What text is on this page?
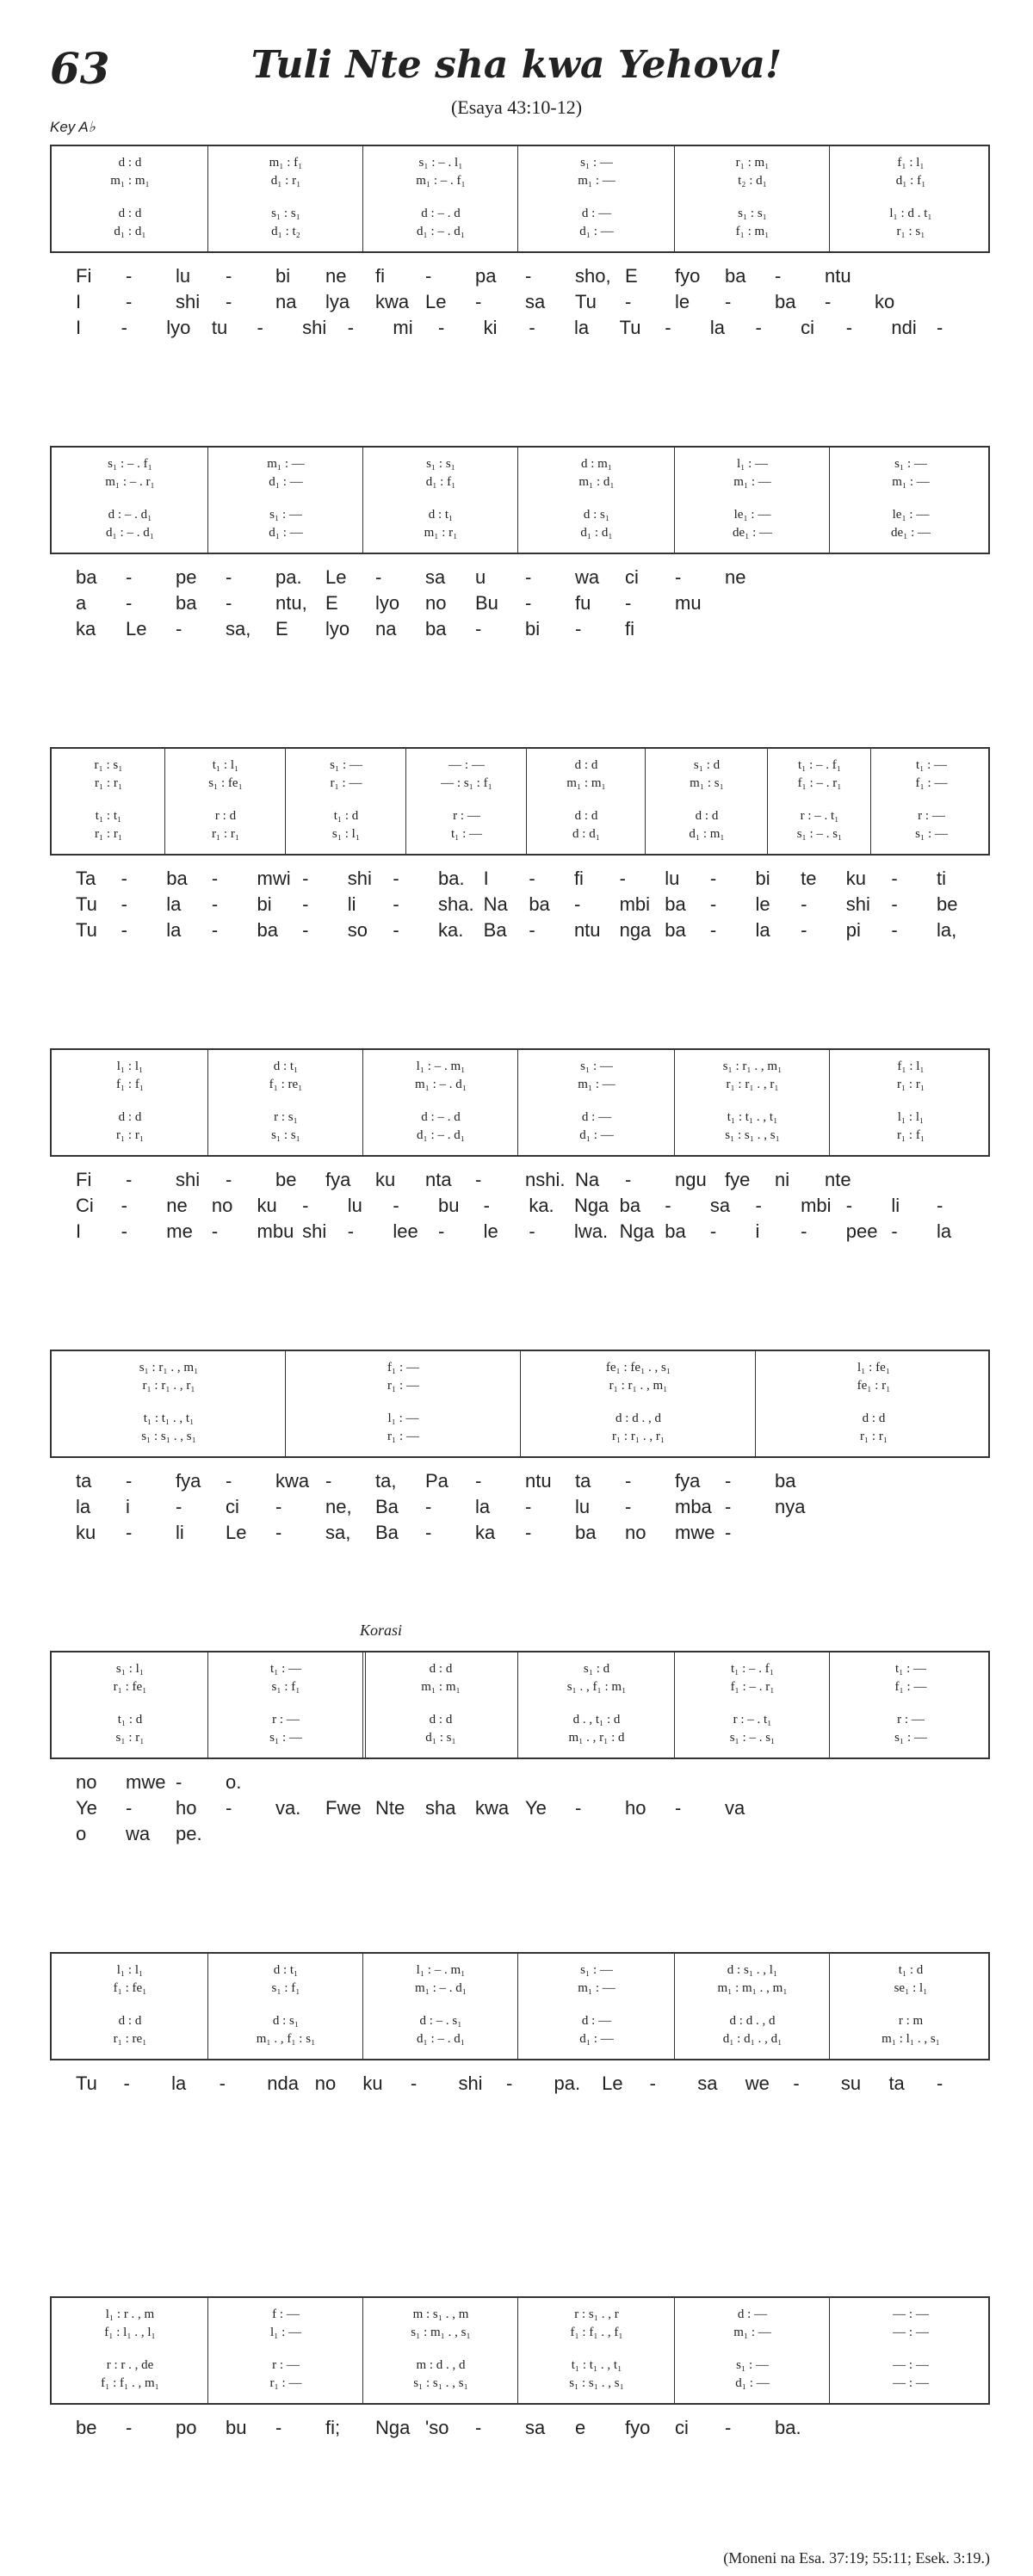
63	Tuli Nte sha kwa Yehova!
(Esaya 43:10-12)
Key A♭
Korasi
d : d
m₁ : m₁
d : d
d₁ : d₁
m₁ : f₁
d₁ : r₁
s₁ : s₁
d₁ : t₂
s₁ : – . l₁
m₁ : – . f₁
d : – . d
d₁ : – . d₁
s₁ : —
m₁ : —
d : —
d₁ : —
r₁ : m₁
t₂ : d₁
s₁ : s₁
f₁ : m₁
f₁ : l₁
d₁ : f₁
l₁ : d . t₁
r₁ : s₁
Fi - lu - bi ne fi - pa - sho, E fyo ba - ntu
I - shi - na lya kwa Le - sa Tu - le - ba - ko
I - lyo tu - shi - mi - ki - la Tu - la - ci - ndi -
s₁ : – . f₁
m₁ : – . r₁
d : – . d₁
d₁ : – . d₁
m₁ : —
d₁ : —
s₁ : —
d₁ : —
s₁ : s₁
d₁ : f₁
d : t₁
m₁ : r₁
d : m₁
m₁ : d₁
d : s₁
d₁ : d₁
l₁ : —
m₁ : —
le₁ : —
de₁ : —
s₁ : —
m₁ : —
le₁ : —
de₁ : —
ba - pe - pa. Le - sa u - wa ci - ne
a - ba - ntu, E lyo no Bu - fu - mu
ka Le - sa, E lyo na ba - bi - fi
r₁ : s₁
r₁ : r₁
t₁ : t₁
r₁ : r₁
t₁ : l₁
s₁ : fe₁
r : d
r₁ : r₁
s₁ : —
r₁ : —
t₁ : d
s₁ : l₁
— : —
— : s₁ : f₁
r : —
t₁ : —
d : d
m₁ : m₁
d : d
d : d₁
s₁ : d
m₁ : s₁
d : d
d₁ : m₁
t₁ : – . f₁
f₁ : – . r₁
r : – . t₁
s₁ : – . s₁
t₁ : —
f₁ : —
r : —
s₁ : —
Ta - ba - mwi - shi - ba. I - fi - lu - bi te ku - ti
Tu - la - bi - li - sha. Na ba - mbi ba - le - shi - be
Tu - la - ba - so - ka. Ba - ntu nga ba - la - pi - la,
l₁ : l₁
f₁ : f₁
d : d
r₁ : r₁
d : t₁
f₁ : re₁
r : s₁
s₁ : s₁
l₁ : – . m₁
m₁ : – . d₁
d : – . d
d₁ : – . d₁
s₁ : —
m₁ : —
d : —
d₁ : —
s₁ : r₁ . , m₁
r₁ : r₁ . , r₁
t₁ : t₁ . , t₁
s₁ : s₁ . , s₁
f₁ : l₁
r₁ : r₁
l₁ : l₁
r₁ : f₁
Fi - shi - be fya ku nta - nshi. Na - ngu fye ni nte
Ci - ne no ku - lu - bu - ka. Nga ba - sa - mbi - li -
I - me - mbu shi - lee - le - lwa. Nga ba - i - pee - la
s₁ : r₁ . , m₁
r₁ : r₁ . , r₁
t₁ : t₁ . , t₁
s₁ : s₁ . , s₁
f₁ : —
r₁ : —
l₁ : —
r₁ : —
fe₁ : fe₁ . , s₁
r₁ : r₁ . , m₁
d : d . , d
r₁ : r₁ . , r₁
l₁ : fe₁
fe₁ : r₁
d : d
r₁ : r₁
ta - fya - kwa - ta, Pa - ntu ta - fya - ba
la i - ci - ne, Ba - la - lu - mba - nya
ku - li Le - sa, Ba - ka - ba no mwe -
s₁ : l₁
r₁ : fe₁
t₁ : d
s₁ : r₁
t₁ : —
s₁ : f₁
r : —
s₁ : —
d : d
m₁ : m₁
d : d
d₁ : s₁
s₁ : d
s₁ . , f₁ : m₁
d . , t₁ : d
m₁ . , r₁ : d
t₁ : – . f₁
f₁ : – . r₁
r : – . t₁
s₁ : – . s₁
t₁ : —
f₁ : —
r : —
s₁ : —
no mwe - o.
Ye - ho - va. Fwe Nte sha kwa Ye - ho - va
o wa pe.
l₁ : l₁
f₁ : fe₁
d : d
r₁ : re₁
d : t₁
s₁ : f₁
d : s₁
m₁ . , f₁ : s₁
l₁ : – . m₁
m₁ : – . d₁
d : – . s₁
d₁ : – . d₁
s₁ : —
m₁ : —
d : —
d₁ : —
d : s₁ . , l₁
m₁ : m₁ . , m₁
d : d . , d
d₁ : d₁ . , d₁
t₁ : d
se₁ : l₁
r : m
m₁ : l₁ . , s₁
Tu - la - nda no ku - shi - pa. Le - sa we - su ta -
l₁ : r . , m
f₁ : l₁ . , l₁
r : r . , de
f₁ : f₁ . , m₁
f : —
l₁ : —
r : —
r₁ : —
m : s₁ . , m
s₁ : m₁ . , s₁
m : d . , d
s₁ : s₁ . , s₁
r : s₁ . , r
f₁ : f₁ . , f₁
t₁ : t₁ . , t₁
s₁ : s₁ . , s₁
d : —
m₁ : —
s₁ : —
d₁ : —
— : —
— : —
— : —
— : —
be - po bu - fi; Nga 'so - sa e fyo ci - ba.
(Moneni na Esa. 37:19; 55:11; Esek. 3:19.)
